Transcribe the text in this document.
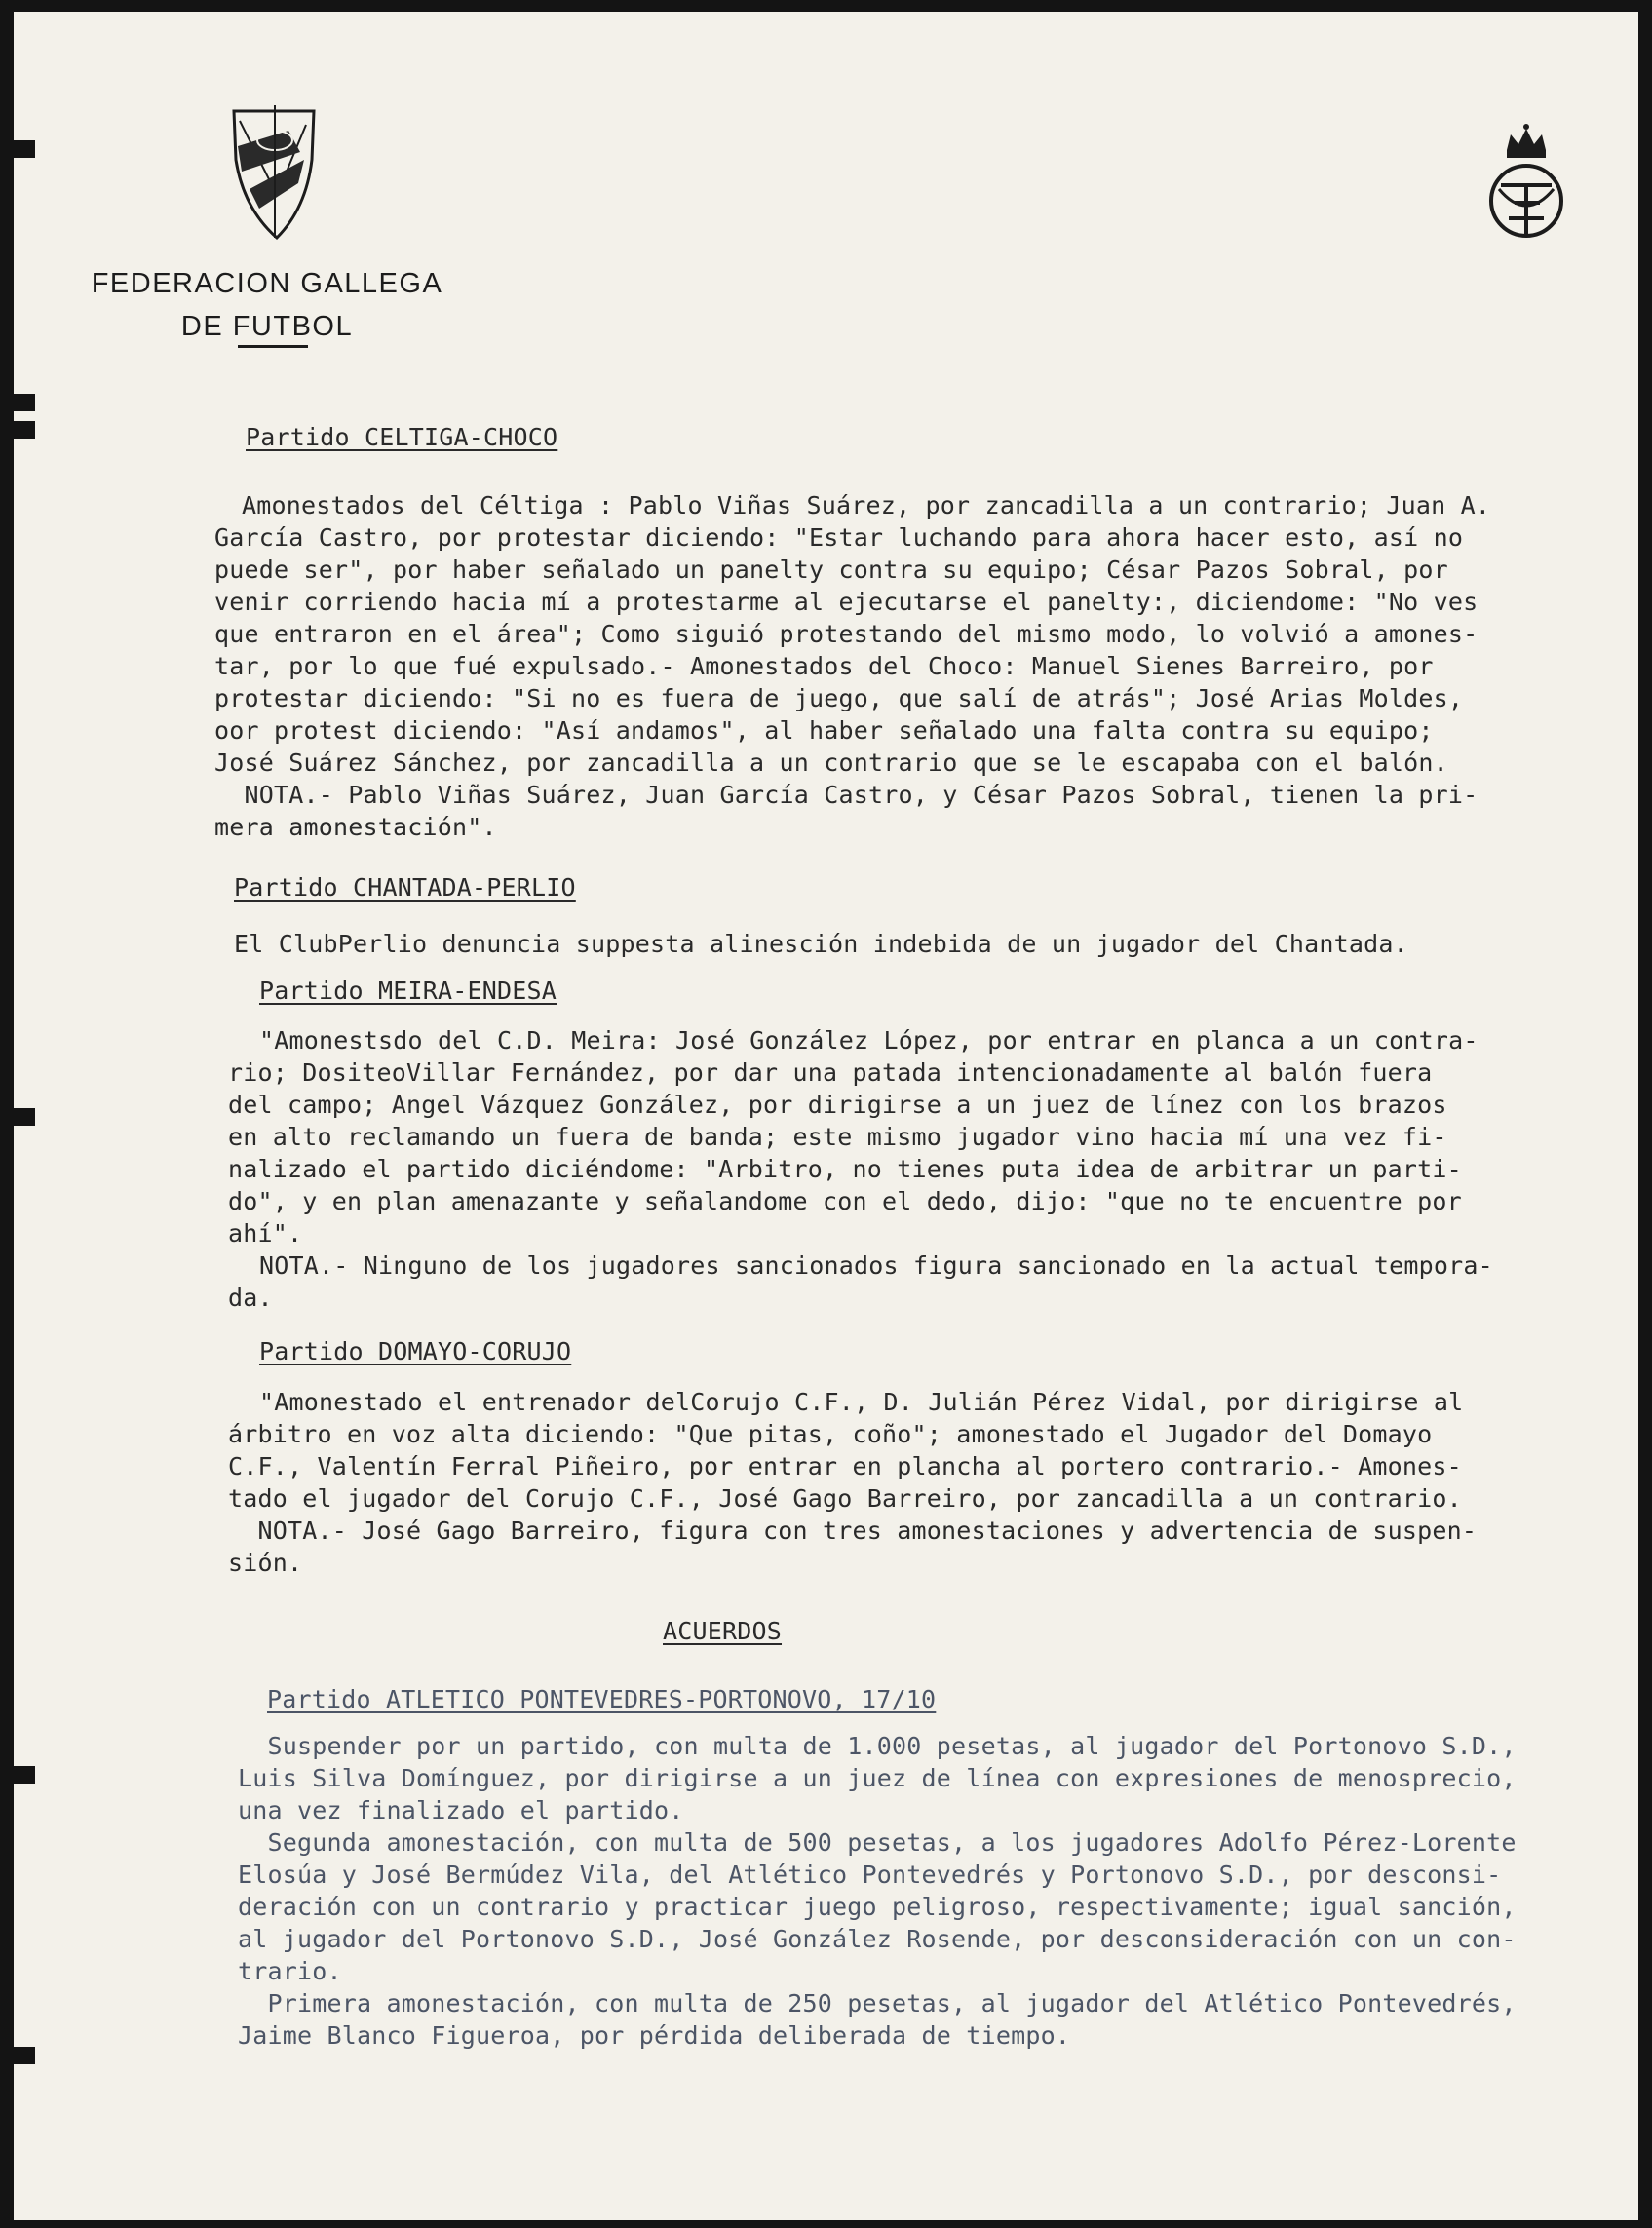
FEDERACION GALLEGA
DE FUTBOL
Partido CELTIGA-CHOCO
Amonestados del Céltiga : Pablo Viñas Suárez, por zancadilla a un contrario; Juan A.
García Castro, por protestar diciendo: "Estar luchando para ahora hacer esto, así no
puede ser", por haber señalado un panelty contra su equipo; César Pazos Sobral, por
venir corriendo hacia mí a protestarme al ejecutarse el panelty:, diciendome: "No ves
que entraron en el área"; Como siguió protestando del mismo modo, lo volvió a amones-
tar, por lo que fué expulsado.- Amonestados del Choco: Manuel Sienes Barreiro, por
protestar diciendo: "Si no es fuera de juego, que salí de atrás"; José Arias Moldes,
oor protest diciendo: "Así andamos", al haber señalado una falta contra su equipo;
José Suárez Sánchez, por zancadilla a un contrario que se le escapaba con el balón.
NOTA.- Pablo Viñas Suárez, Juan García Castro, y César Pazos Sobral, tienen la pri-
mera amonestación".
Partido CHANTADA-PERLIO
El ClubPerlio denuncia suppesta alinesción indebida de un jugador del Chantada.
Partido MEIRA-ENDESA
"Amonestsdo del C.D. Meira: José González López, por entrar en planca a un contra-
rio; DositeoVillar Fernández, por dar una patada intencionadamente al balón fuera
del campo; Angel Vázquez González, por dirigirse a un juez de línez con los brazos
en alto reclamando un fuera de banda; este mismo jugador vino hacia mí una vez fi-
nalizado el partido diciéndome: "Arbitro, no tienes puta idea de arbitrar un parti-
do", y en plan amenazante y señalandome con el dedo, dijo: "que no te encuentre por
ahí".
NOTA.- Ninguno de los jugadores sancionados figura sancionado en la actual tempora-
da.
Partido DOMAYO-CORUJO
"Amonestado el entrenador delCorujo C.F., D. Julián Pérez Vidal, por dirigirse al
árbitro en voz alta diciendo: "Que pitas, coño"; amonestado el Jugador del Domayo
C.F., Valentín Ferral Piñeiro, por entrar en plancha al portero contrario.- Amones-
tado el jugador del Corujo C.F., José Gago Barreiro, por zancadilla a un contrario.
NOTA.- José Gago Barreiro, figura con tres amonestaciones y advertencia de suspen-
sión.
ACUERDOS
Partido ATLETICO PONTEVEDRES-PORTONOVO, 17/10
Suspender por un partido, con multa de 1.000 pesetas, al jugador del Portonovo S.D.,
Luis Silva Domínguez, por dirigirse a un juez de línea con expresiones de menosprecio,
una vez finalizado el partido.
Segunda amonestación, con multa de 500 pesetas, a los jugadores Adolfo Pérez-Lorente
Elosúa y José Bermúdez Vila, del Atlético Pontevedrés y Portonovo S.D., por desconsi-
deración con un contrario y practicar juego peligroso, respectivamente; igual sanción,
al jugador del Portonovo S.D., José González Rosende, por desconsideración con un con-
trario.
Primera amonestación, con multa de 250 pesetas, al jugador del Atlético Pontevedrés,
Jaime Blanco Figueroa, por pérdida deliberada de tiempo.
